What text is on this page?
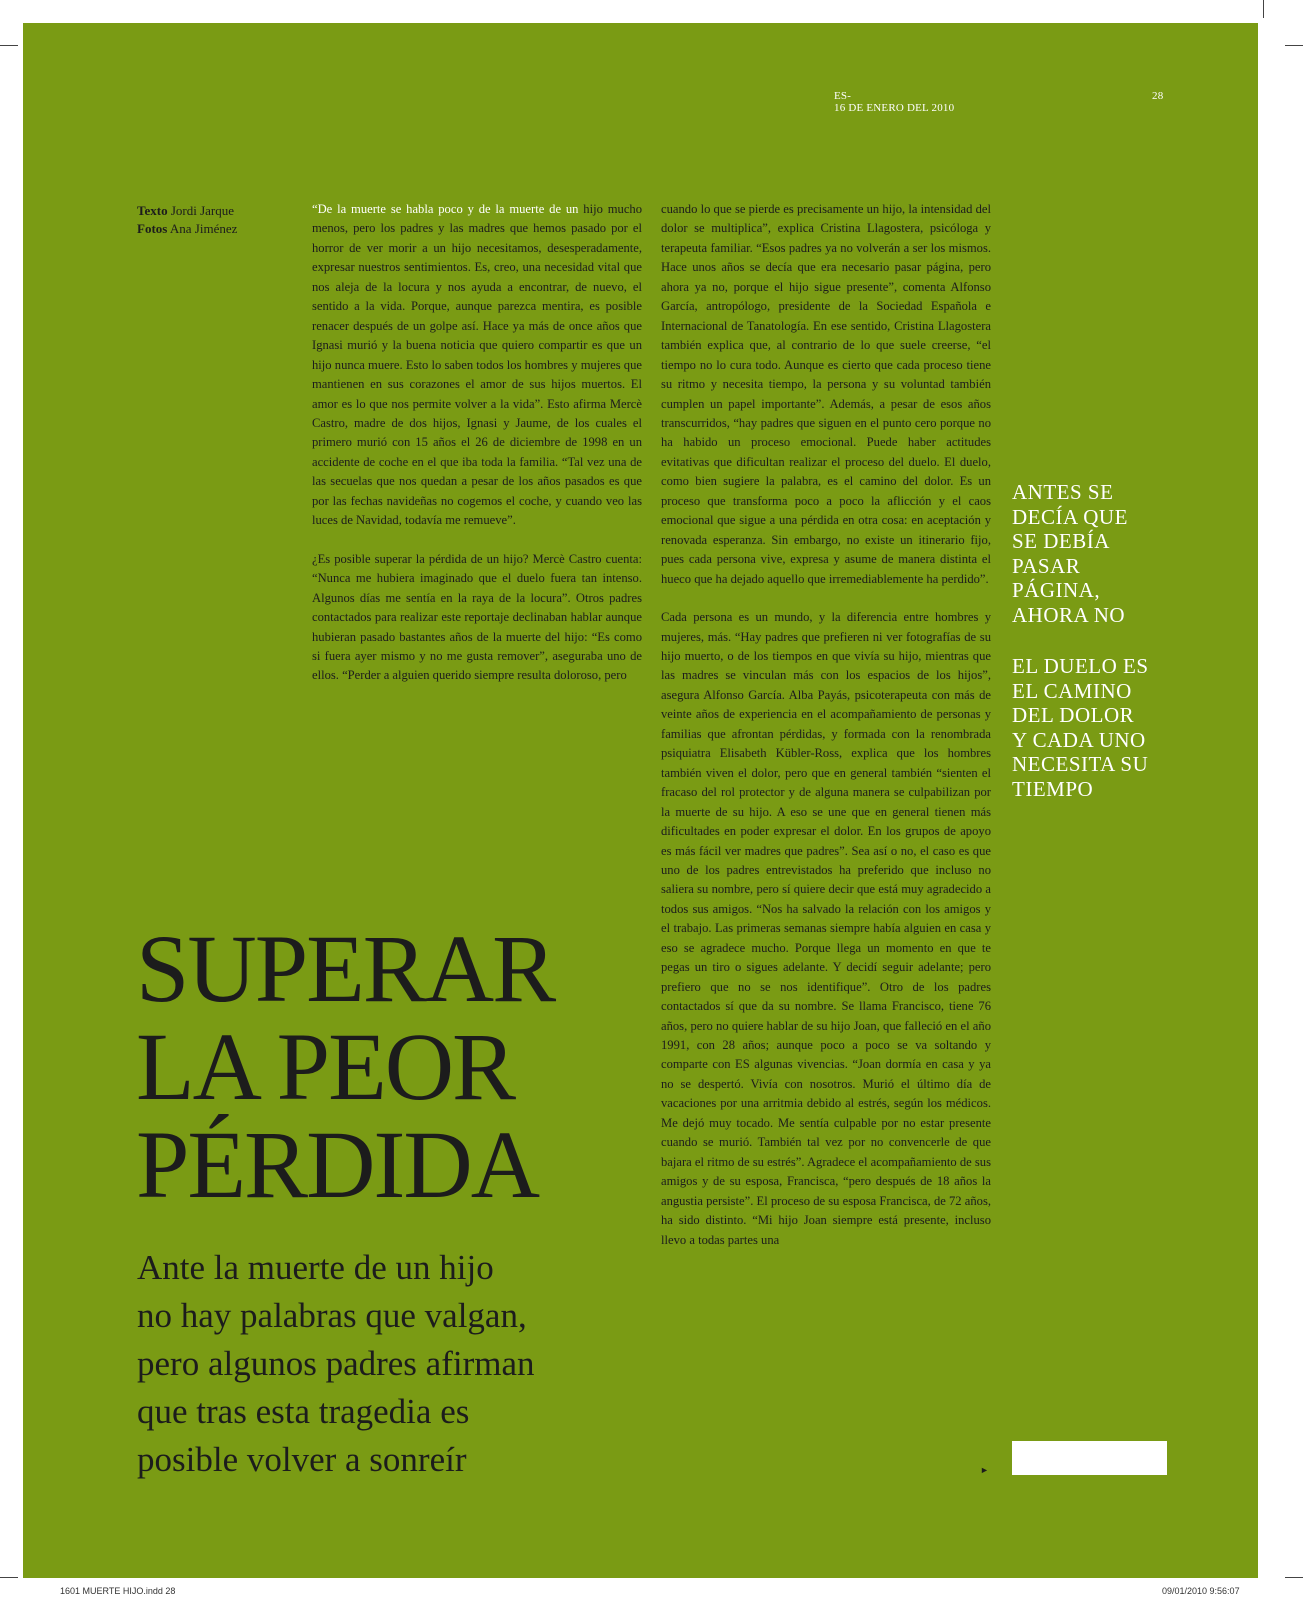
ES-
16 DE ENERO DEL 2010
28
Texto Jordi Jarque
Fotos Ana Jiménez

“De la muerte se habla poco y de la muerte de un hijo mucho menos, pero los padres y las madres que hemos pasado por el horror de ver morir a un hijo necesitamos, desesperadamente, expresar nuestros sentimientos. Es, creo, una necesidad vital que nos aleja de la locura y nos ayuda a encontrar, de nuevo, el sentido a la vida. Porque, aunque parezca mentira, es posible renacer después de un golpe así. Hace ya más de once años que Ignasi murió y la buena noticia que quiero compartir es que un hijo nunca muere. Esto lo saben todos los hombres y mujeres que mantienen en sus corazones el amor de sus hijos muertos. El amor es lo que nos permite volver a la vida”. Esto afirma Mercè Castro, madre de dos hijos, Ignasi y Jaume, de los cuales el primero murió con 15 años el 26 de diciembre de 1998 en un accidente de coche en el que iba toda la familia. “Tal vez una de las secuelas que nos quedan a pesar de los años pasados es que por las fechas navideñas no cogemos el coche, y cuando veo las luces de Navidad, todavía me remueve”.

¿Es posible superar la pérdida de un hijo? Mercè Castro cuenta: “Nunca me hubiera imaginado que el duelo fuera tan intenso. Algunos días me sentía en la raya de la locura”. Otros padres contactados para realizar este reportaje declinaban hablar aunque hubieran pasado bastantes años de la muerte del hijo: “Es como si fuera ayer mismo y no me gusta remover”, aseguraba uno de ellos. “Perder a alguien querido siempre resulta doloroso, pero

cuando lo que se pierde es precisamente un hijo, la intensidad del dolor se multiplica”, explica Cristina Llagostera, psicóloga y terapeuta familiar. “Esos padres ya no volverán a ser los mismos. Hace unos años se decía que era necesario pasar página, pero ahora ya no, porque el hijo sigue presente”, comenta Alfonso García, antropólogo, presidente de la Sociedad Española e Internacional de Tanatología. En ese sentido, Cristina Llagostera también explica que, al contrario de lo que suele creerse, “el tiempo no lo cura todo. Aunque es cierto que cada proceso tiene su ritmo y necesita tiempo, la persona y su voluntad también cumplen un papel importante”. Además, a pesar de esos años transcurridos, “hay padres que siguen en el punto cero porque no ha habido un proceso emocional. Puede haber actitudes evitativas que dificultan realizar el proceso del duelo. El duelo, como bien sugiere la palabra, es el camino del dolor. Es un proceso que transforma poco a poco la aflicción y el caos emocional que sigue a una pérdida en otra cosa: en aceptación y renovada esperanza. Sin embargo, no existe un itinerario fijo, pues cada persona vive, expresa y asume de manera distinta el hueco que ha dejado aquello que irremediablemente ha perdido”.

Cada persona es un mundo, y la diferencia entre hombres y mujeres, más. “Hay padres que prefieren ni ver fotografías de su hijo muerto, o de los tiempos en que vivía su hijo, mientras que las madres se vinculan más con los espacios de los hijos”, asegura Alfonso García. Alba Payás, psicoterapeuta con más de veinte años de experiencia en el acompañamiento de personas y familias que afrontan pérdidas, y formada con la renombrada psiquiatra Elisabeth Kübler-Ross, explica que los hombres también viven el dolor, pero que en general también “sienten el fracaso del rol protector y de alguna manera se culpabilizan por la muerte de su hijo. A eso se une que en general tienen más dificultades en poder expresar el dolor. En los grupos de apoyo es más fácil ver madres que padres”. Sea así o no, el caso es que uno de los padres entrevistados ha preferido que incluso no saliera su nombre, pero sí quiere decir que está muy agradecido a todos sus amigos. “Nos ha salvado la relación con los amigos y el trabajo. Las primeras semanas siempre había alguien en casa y eso se agradece mucho. Porque llega un momento en que te pegas un tiro o sigues adelante. Y decidí seguir adelante; pero prefiero que no se nos identifique”. Otro de los padres contactados sí que da su nombre. Se llama Francisco, tiene 76 años, pero no quiere hablar de su hijo Joan, que falleció en el año 1991, con 28 años; aunque poco a poco se va soltando y comparte con ES algunas vivencias. “Joan dormía en casa y ya no se despertó. Vivía con nosotros. Murió el último día de vacaciones por una arritmia debido al estrés, según los médicos. Me dejó muy tocado. Me sentía culpable por no estar presente cuando se murió. También tal vez por no convencerle de que bajara el ritmo de su estrés”. Agradece el acompañamiento de sus amigos y de su esposa, Francisca, “pero después de 18 años la angustia persiste”. El proceso de su esposa Francisca, de 72 años, ha sido distinto. “Mi hijo Joan siempre está presente, incluso llevo a todas partes una

►
ANTES SE
DECÍA QUE
SE DEBÍA
PASAR
PÁGINA,
AHORA NO
EL DUELO ES
EL CAMINO
DEL DOLOR
Y CADA UNO
NECESITA SU
TIEMPO
SUPERAR
LA PEOR
PÉRDIDA
Ante la muerte de un hijo
no hay palabras que valgan,
pero algunos padres afirman
que tras esta tragedia es
posible volver a sonreír
1601 MUERTE HIJO.indd 28	09/01/2010 9:56:07
